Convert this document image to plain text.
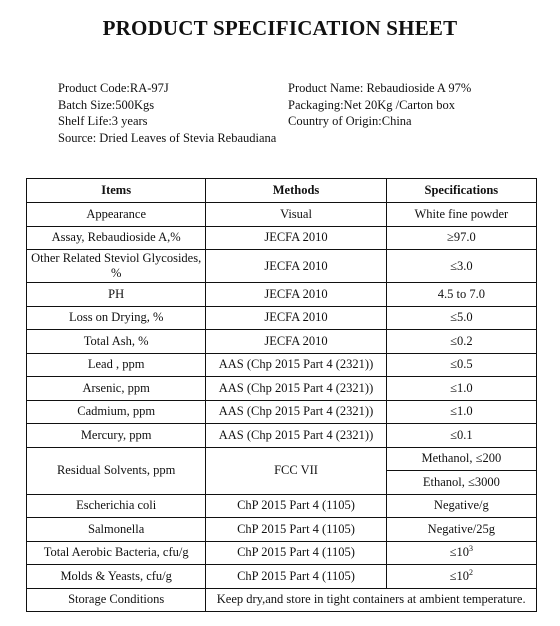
PRODUCT SPECIFICATION SHEET
Product Code:RA-97J
Batch Size:500Kgs
Shelf Life:3 years
Source: Dried Leaves of Stevia Rebaudiana
Product Name: Rebaudioside A 97%
Packaging:Net 20Kg /Carton box
Country of Origin:China
Items	Methods	Specifications
Appearance	Visual	White fine powder
Assay, Rebaudioside A,%	JECFA 2010	≥97.0
Other Related Steviol Glycosides, %	JECFA 2010	≤3.0
PH	JECFA 2010	4.5 to 7.0
Loss on Drying, %	JECFA 2010	≤5.0
Total Ash, %	JECFA 2010	≤0.2
Lead , ppm	AAS (Chp 2015 Part 4 (2321))	≤0.5
Arsenic, ppm	AAS (Chp 2015 Part 4 (2321))	≤1.0
Cadmium, ppm	AAS (Chp 2015 Part 4 (2321))	≤1.0
Mercury, ppm	AAS (Chp 2015 Part 4 (2321))	≤0.1
Residual Solvents, ppm	FCC VII	Methanol, ≤200
		Ethanol, ≤3000
Escherichia coli	ChP 2015 Part 4 (1105)	Negative/g
Salmonella	ChP 2015 Part 4 (1105)	Negative/25g
Total Aerobic Bacteria, cfu/g	ChP 2015 Part 4 (1105)	$\le 10^3$
Molds & Yeasts, cfu/g	ChP 2015 Part 4 (1105)	$\le 10^2$
Storage Conditions	Keep dry,and store in tight containers at ambient temperature.	
